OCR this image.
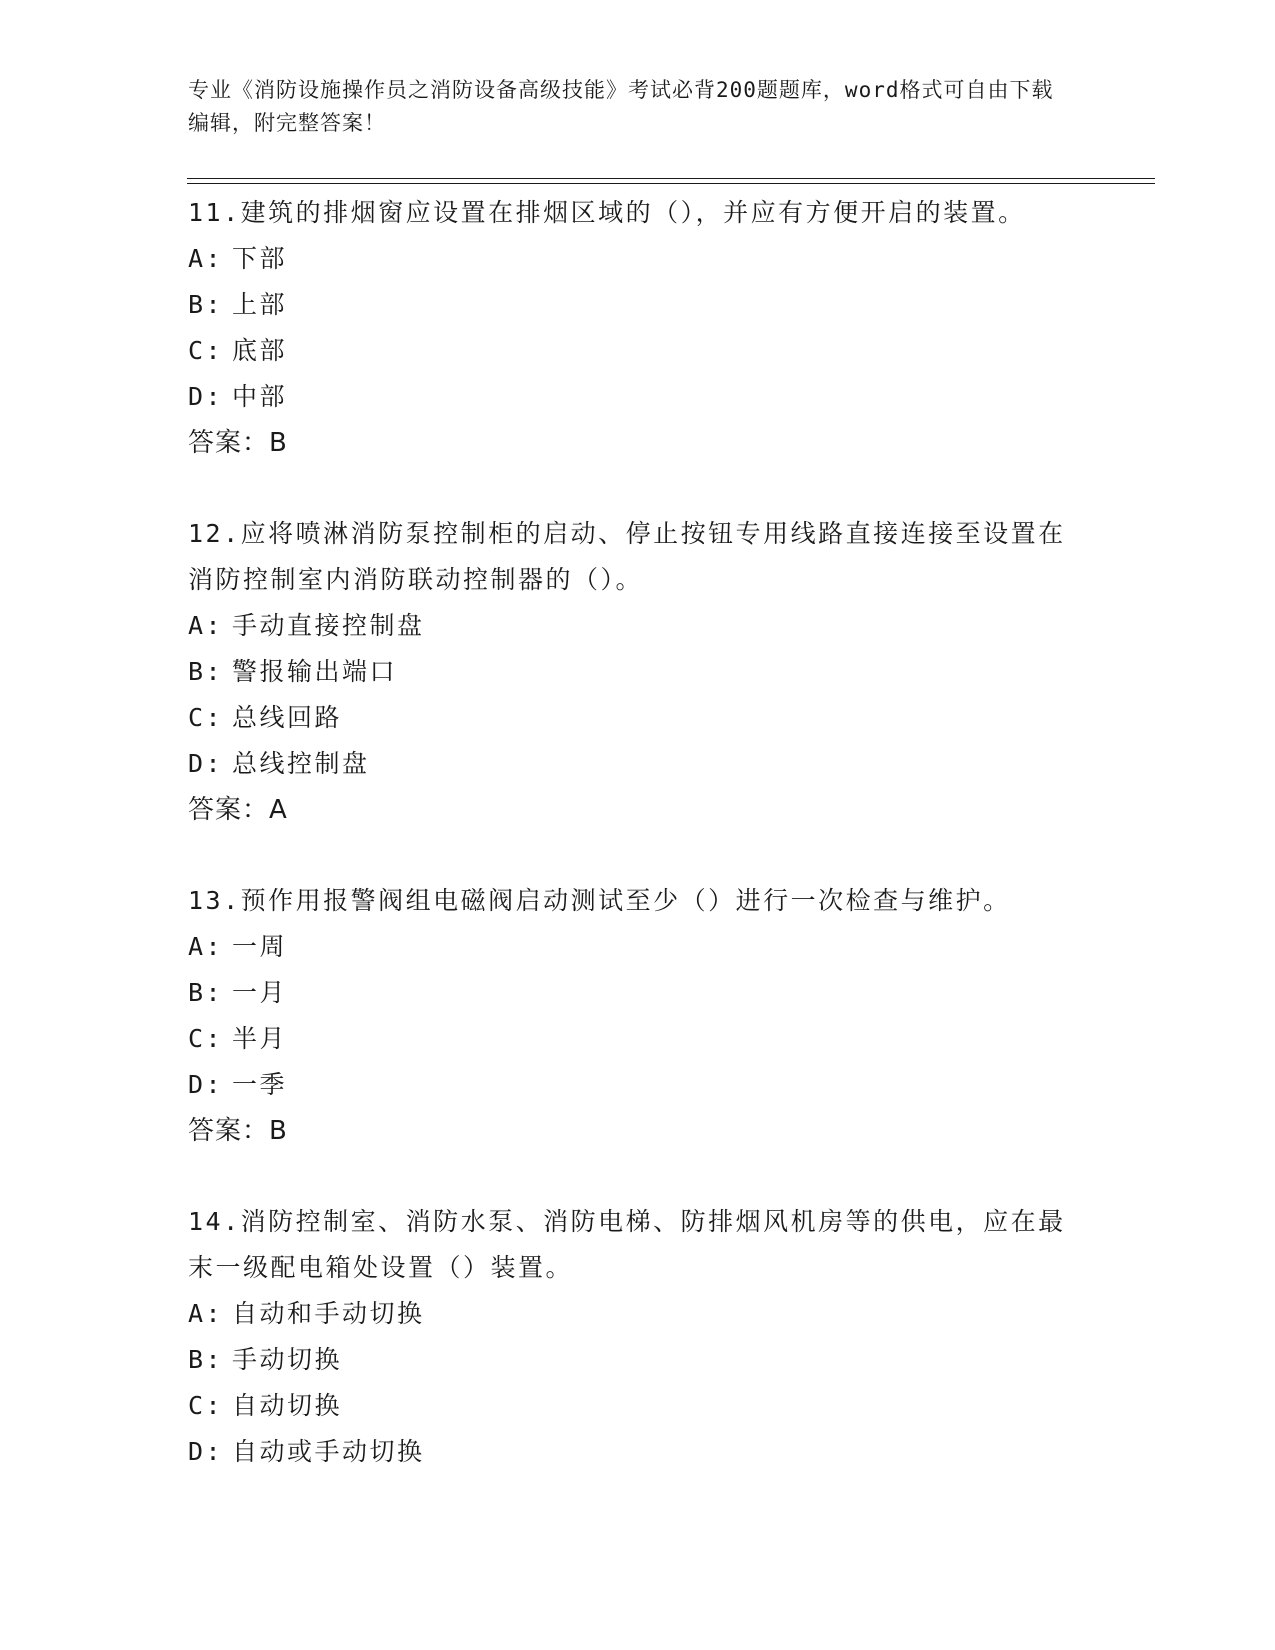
专业《消防设施操作员之消防设备高级技能》考试必背200题题库，word格式可自由下载编辑，附完整答案！

11.建筑的排烟窗应设置在排烟区域的（），并应有方便开启的装置。

A: 下部

B: 上部

C: 底部

D: 中部

答案：B

12.应将喷淋消防泵控制柜的启动、停止按钮专用线路直接连接至设置在消防控制室内消防联动控制器的（）。

A: 手动直接控制盘

B: 警报输出端口

C: 总线回路

D: 总线控制盘

答案：A

13.预作用报警阀组电磁阀启动测试至少（）进行一次检查与维护。

A: 一周

B: 一月

C: 半月

D: 一季

答案：B

14.消防控制室、消防水泵、消防电梯、防排烟风机房等的供电，应在最末一级配电箱处设置（）装置。

A: 自动和手动切换

B: 手动切换

C: 自动切换

D: 自动或手动切换
